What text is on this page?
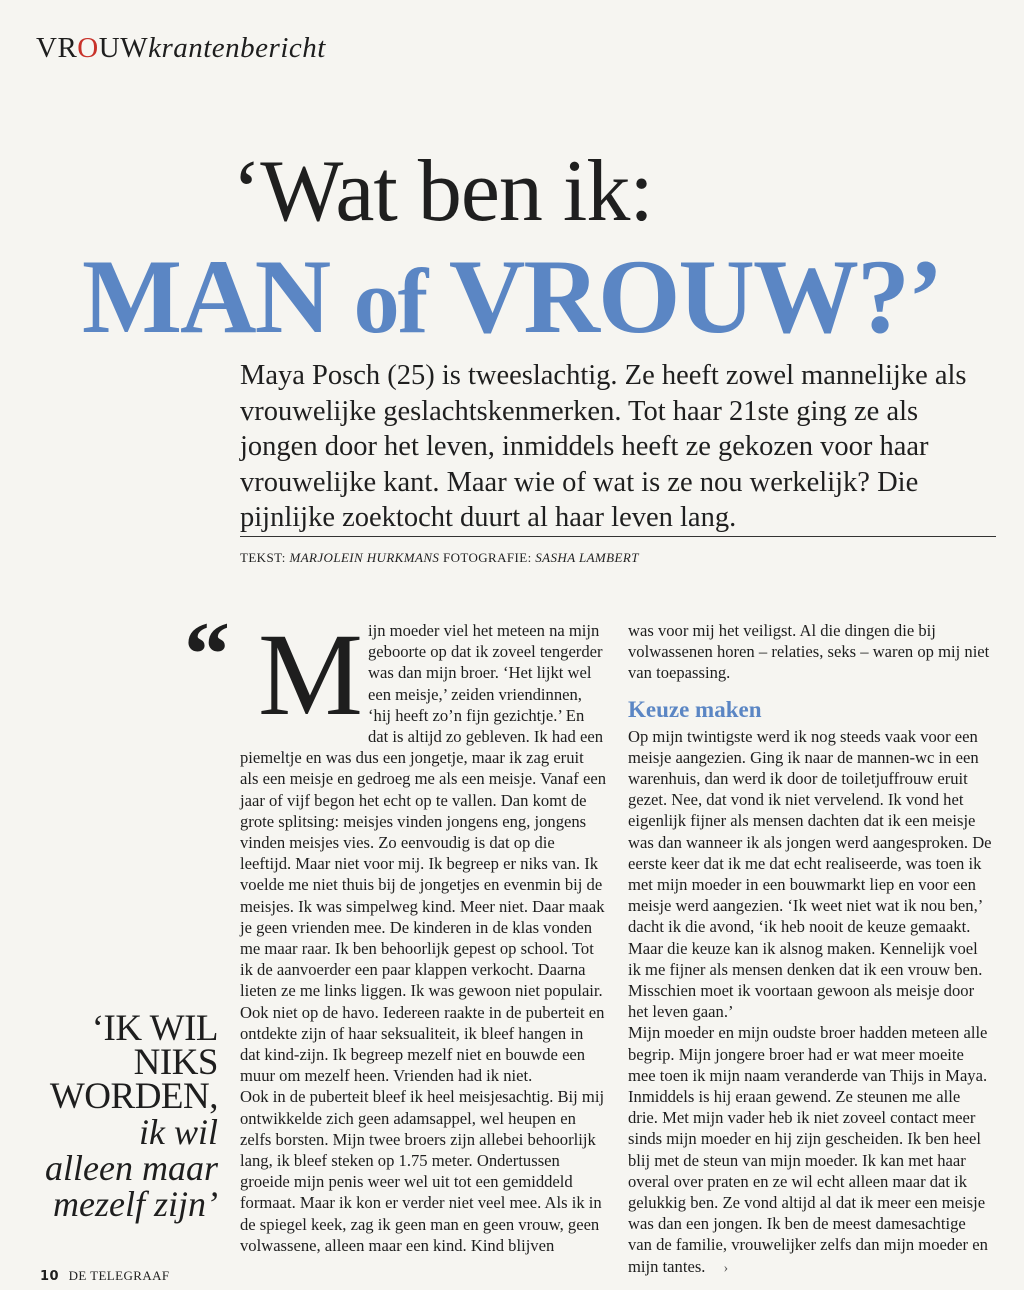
VROUWkrantenbericht
‘Wat ben ik:
MAN of VROUW?’

Maya Posch (25) is tweeslachtig. Ze heeft zowel mannelijke als vrouwelijke geslachtskenmerken. Tot haar 21ste ging ze als jongen door het leven, inmiddels heeft ze gekozen voor haar vrouwelijke kant. Maar wie of wat is ze nou werkelijk? Die pijnlijke zoektocht duurt al haar leven lang.

TEKST: MARJOLEIN HURKMANS FOTOGRAFIE: SASHA LAMBERT
“ M ijn moeder viel het meteen na mijn geboorte op dat ik zoveel tengerder was dan mijn broer. ‘Het lijkt wel een meisje,’ zeiden vriendinnen, ‘hij heeft zo’n fijn gezichtje.’ En dat is altijd zo gebleven. Ik had een piemeltje en was dus een jongetje, maar ik zag eruit als een meisje en gedroeg me als een meisje. Vanaf een jaar of vijf begon het echt op te vallen. Dan komt de grote splitsing: meisjes vinden jongens eng, jongens vinden meisjes vies. Zo eenvoudig is dat op die leeftijd. Maar niet voor mij. Ik begreep er niks van. Ik voelde me niet thuis bij de jongetjes en evenmin bij de meisjes. Ik was simpelweg kind. Meer niet. Daar maak je geen vrienden mee. De kinderen in de klas vonden me maar raar. Ik ben behoorlijk gepest op school. Tot ik de aanvoerder een paar klappen verkocht. Daarna lieten ze me links liggen. Ik was gewoon niet populair. Ook niet op de havo. Iedereen raakte in de puberteit en ontdekte zijn of haar seksualiteit, ik bleef hangen in dat kind-zijn. Ik begreep mezelf niet en bouwde een muur om mezelf heen. Vrienden had ik niet.

Ook in de puberteit bleef ik heel meisjesachtig. Bij mij ontwikkelde zich geen adamsappel, wel heupen en zelfs borsten. Mijn twee broers zijn allebei behoorlijk lang, ik bleef steken op 1.75 meter. Ondertussen groeide mijn penis weer wel uit tot een gemiddeld formaat. Maar ik kon er verder niet veel mee. Als ik in de spiegel keek, zag ik geen man en geen vrouw, geen volwassene, alleen maar een kind. Kind blijven

was voor mij het veiligst. Al die dingen die bij volwassenen horen – relaties, seks – waren op mij niet van toepassing.

Keuze maken

Op mijn twintigste werd ik nog steeds vaak voor een meisje aangezien. Ging ik naar de mannen-wc in een warenhuis, dan werd ik door de toiletjuffrouw eruit gezet. Nee, dat vond ik niet vervelend. Ik vond het eigenlijk fijner als mensen dachten dat ik een meisje was dan wanneer ik als jongen werd aangesproken. De eerste keer dat ik me dat echt realiseerde, was toen ik met mijn moeder in een bouwmarkt liep en voor een meisje werd aangezien. ‘Ik weet niet wat ik nou ben,’ dacht ik die avond, ‘ik heb nooit de keuze gemaakt. Maar die keuze kan ik alsnog maken. Kennelijk voel ik me fijner als mensen denken dat ik een vrouw ben. Misschien moet ik voortaan gewoon als meisje door het leven gaan.’

Mijn moeder en mijn oudste broer hadden meteen alle begrip. Mijn jongere broer had er wat meer moeite mee toen ik mijn naam veranderde van Thijs in Maya. Inmiddels is hij eraan gewend. Ze steunen me alle drie. Met mijn vader heb ik niet zoveel contact meer sinds mijn moeder en hij zijn gescheiden. Ik ben heel blij met de steun van mijn moeder. Ik kan met haar overal over praten en ze wil echt alleen maar dat ik gelukkig ben. Ze vond altijd al dat ik meer een meisje was dan een jongen. Ik ben de meest damesachtige van de familie, vrouwelijker zelfs dan mijn moeder en mijn tantes. ›

‘IK WIL

NIKS

WORDEN,

ik wil

alleen maar

mezelf zijn’

10 DE TELEGRAAF
